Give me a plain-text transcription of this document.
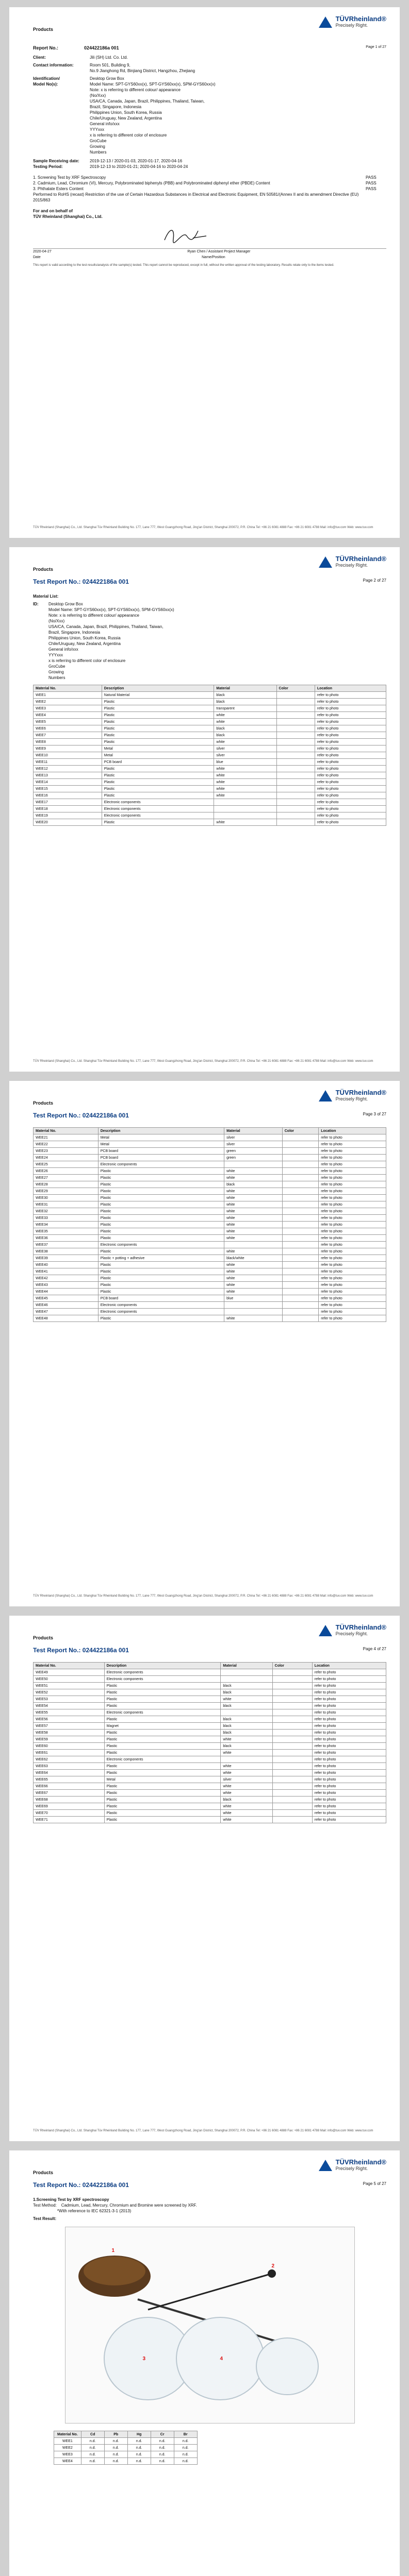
TÜVRheinland®
Precisely Right.
Products
Report No.:	024422186a 001	Page 1 of 27
Client:	Jili (SH) Ltd. Co. Ltd.
Contact information:	Room 501, Building 9,
No.9 Jianghong Rd, Binjiang District, Hangzhou, Zhejiang
Identification/
Model No(s):
Desktop Grow Box
Model Name: SPT-GYS60xx(x), SPT-GYS60xx(x), SPM-GYS60xx(x)
Note: x is referring to different colour/ appearance
(No/Xxx)
USA/CA, Canada, Japan, Brazil, Philippines, Thailand, Taiwan,
Brazil, Singapore, Indonesia
Philippines Union, South Korea, Russia
Chile/Uruguay, New Zealand, Argentina
General info/xxx
YYYxxx
x is referring to different color of enclosure
GroCube
Growing
Numbers
Sample Receiving date:	2019-12-13 / 2020-01-03, 2020-01-17, 2020-04-16
Testing Period:	2019-12-13 to 2020-01-21; 2020-04-16 to 2020-04-24
1. Screening Test by XRF Spectroscopy	PASS
2. Cadmium, Lead, Chromium (VI), Mercury, Polybrominated biphenyls (PBB) and Polybrominated diphenyl ether (PBDE) Content	PASS
3. Phthalate Esters Content	PASS
Performed to RoHS (recast) Restriction of the use of Certain Hazardous Substances in Electrical and Electronic Equipment, EN 50581/(Annex II and its amendment Directive (EU) 2015/863
For and on behalf of
TÜV Rheinland (Shanghai) Co., Ltd.
2020-04-27	Ryan Chen / Assistant Project Manager
Date	Name/Position
This report is valid according to the test results/analysis of the sample(s) tested. This report cannot be reproduced, except in full, without the written approval of the testing laboratory. Results relate only to the items tested.
TÜV Rheinland (Shanghai) Co., Ltd. Shanghai Tüv Rheinland Building No. 177, Lane 777, West Guangzhong Road, Jing'an District, Shanghai 200072, P.R. China Tel: +86 21 6081 4888 Fax: +86 21 6081 4788 Mail: info@tuv.com Web: www.tuv.com
TÜVRheinland®
Precisely Right.
Products
Test Report No.: 024422186a 001	Page 2 of 27
Material List:
ID:	Desktop Grow Box
Model Name: SPT-GYS60xx(x), SPT-GYS60xx(x), SPM-GYS60xx(x)
Note: x is referring to different colour/ appearance
(No/Xxx)
USA/CA, Canada, Japan, Brazil, Philippines, Thailand, Taiwan,
Brazil, Singapore, Indonesia
Philippines Union, South Korea, Russia
Chile/Uruguay, New Zealand, Argentina
General info/xxx
YYYxxx
x is referring to different color of enclosure
GroCube
Growing
Numbers
Material No.	Description	Material	Color	Location
WEE1	Natural Material	black		refer to photo
WEE2	Plastic	black		refer to photo
WEE3	Plastic	transparent		refer to photo
WEE4	Plastic	white		refer to photo
WEE5	Plastic	white		refer to photo
WEE6	Plastic	black		refer to photo
WEE7	Plastic	black		refer to photo
WEE8	Plastic	white		refer to photo
WEE9	Metal	silver		refer to photo
WEE10	Metal	silver		refer to photo
WEE11	PCB board	blue		refer to photo
WEE12	Plastic	white		refer to photo
WEE13	Plastic	white		refer to photo
WEE14	Plastic	white		refer to photo
WEE15	Plastic	white		refer to photo
WEE16	Plastic	white		refer to photo
WEE17	Electronic components			refer to photo
WEE18	Electronic components			refer to photo
WEE19	Electronic components			refer to photo
WEE20	Plastic	white		refer to photo
TÜV Rheinland (Shanghai) Co., Ltd. Shanghai Tüv Rheinland Building No. 177, Lane 777, West Guangzhong Road, Jing'an District, Shanghai 200072, P.R. China Tel: +86 21 6081 4888 Fax: +86 21 6081 4788 Mail: info@tuv.com Web: www.tuv.com
TÜVRheinland®
Precisely Right.
Products
Test Report No.: 024422186a 001	Page 3 of 27
Material No.	Description	Material	Color	Location
WEE21	Metal	silver		refer to photo
WEE22	Metal	silver		refer to photo
WEE23	PCB board	green		refer to photo
WEE24	PCB board	green		refer to photo
WEE25	Electronic components			refer to photo
WEE26	Plastic	white		refer to photo
WEE27	Plastic	white		refer to photo
WEE28	Plastic	black		refer to photo
WEE29	Plastic	white		refer to photo
WEE30	Plastic	white		refer to photo
WEE31	Plastic	white		refer to photo
WEE32	Plastic	white		refer to photo
WEE33	Plastic	white		refer to photo
WEE34	Plastic	white		refer to photo
WEE35	Plastic	white		refer to photo
WEE36	Plastic	white		refer to photo
WEE37	Electronic components			refer to photo
WEE38	Plastic	white		refer to photo
WEE39	Plastic + potting + adhesive	black/white		refer to photo
WEE40	Plastic	white		refer to photo
WEE41	Plastic	white		refer to photo
WEE42	Plastic	white		refer to photo
WEE43	Plastic	white		refer to photo
WEE44	Plastic	white		refer to photo
WEE45	PCB board	blue		refer to photo
WEE46	Electronic components			refer to photo
WEE47	Electronic components			refer to photo
WEE48	Plastic	white		refer to photo
TÜV Rheinland (Shanghai) Co., Ltd. Shanghai Tüv Rheinland Building No. 177, Lane 777, West Guangzhong Road, Jing'an District, Shanghai 200072, P.R. China Tel: +86 21 6081 4888 Fax: +86 21 6081 4788 Mail: info@tuv.com Web: www.tuv.com
TÜVRheinland®
Precisely Right.
Products
Test Report No.: 024422186a 001	Page 4 of 27
Material No.	Description	Material	Color	Location
WEE49	Electronic components			refer to photo
WEE50	Electronic components			refer to photo
WEE51	Plastic	black		refer to photo
WEE52	Plastic	black		refer to photo
WEE53	Plastic	white		refer to photo
WEE54	Plastic	black		refer to photo
WEE55	Electronic components			refer to photo
WEE56	Plastic	black		refer to photo
WEE57	Magnet	black		refer to photo
WEE58	Plastic	black		refer to photo
WEE59	Plastic	white		refer to photo
WEE60	Plastic	black		refer to photo
WEE61	Plastic	white		refer to photo
WEE62	Electronic components			refer to photo
WEE63	Plastic	white		refer to photo
WEE64	Plastic	white		refer to photo
WEE65	Metal	silver		refer to photo
WEE66	Plastic	white		refer to photo
WEE67	Plastic	white		refer to photo
WEE68	Plastic	black		refer to photo
WEE69	Plastic	white		refer to photo
WEE70	Plastic	white		refer to photo
WEE71	Plastic	white		refer to photo
TÜV Rheinland (Shanghai) Co., Ltd. Shanghai Tüv Rheinland Building No. 177, Lane 777, West Guangzhong Road, Jing'an District, Shanghai 200072, P.R. China Tel: +86 21 6081 4888 Fax: +86 21 6081 4788 Mail: info@tuv.com Web: www.tuv.com
TÜVRheinland®
Precisely Right.
Products
Test Report No.: 024422186a 001	Page 5 of 27
1.Screening Test by XRF spectroscopy
Test Method:    Cadmium, Lead, Mercury, Chromium and Bromine were screened by XRF.
*With reference to IEC 62321-3-1 (2013)
Test Result:
1
2
3	4
Material No.	Cd	Pb	Hg	Cr	Br
WEE1	n.d.	n.d.	n.d.	n.d.	n.d.
WEE2	n.d.	n.d.	n.d.	n.d.	n.d.
WEE3	n.d.	n.d.	n.d.	n.d.	n.d.
WEE4	n.d.	n.d.	n.d.	n.d.	n.d.
